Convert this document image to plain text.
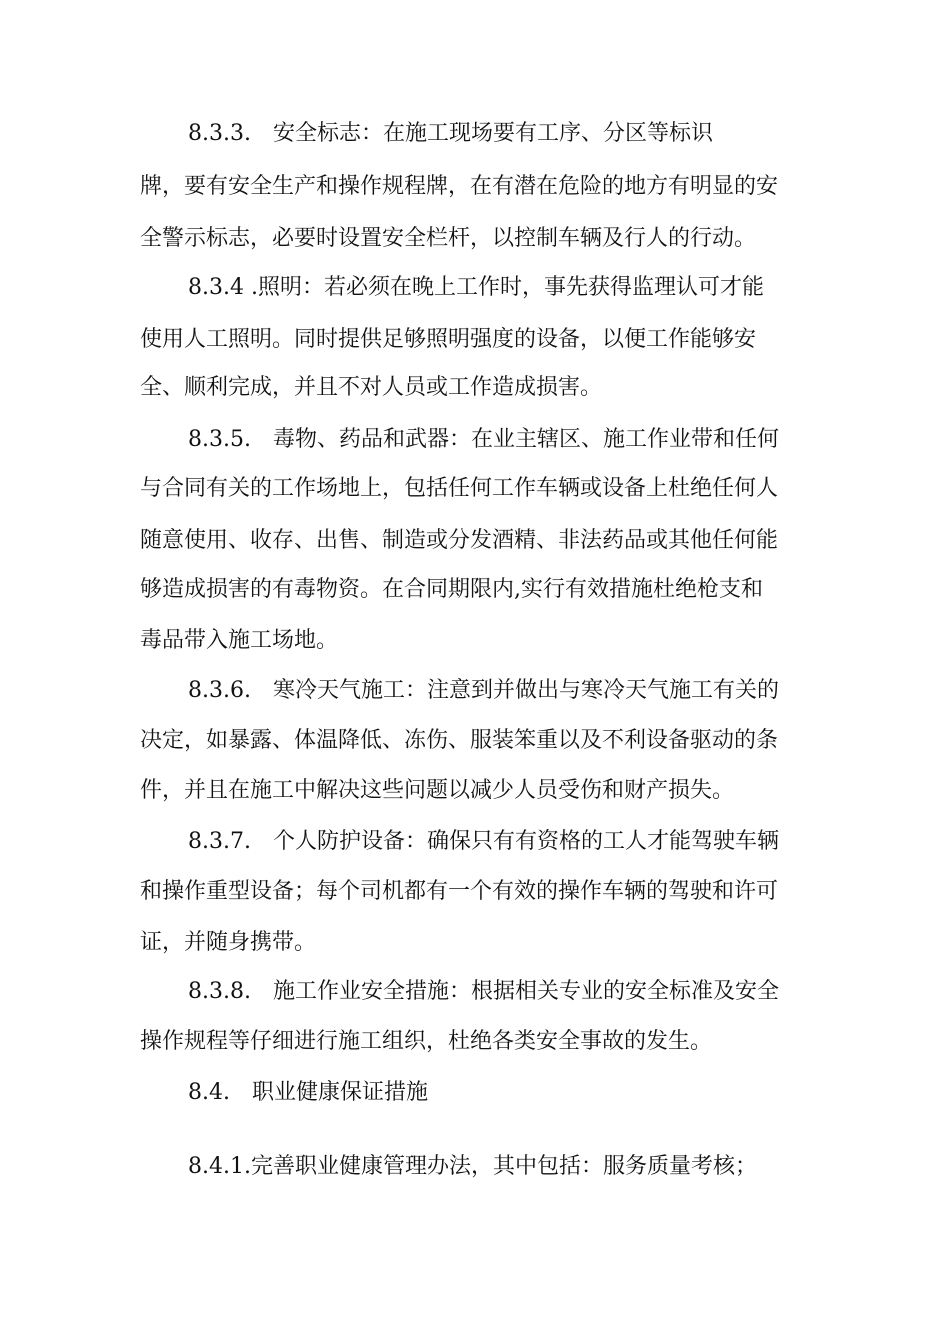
8.3.3.　安全标志：在施工现场要有工序、分区等标识
牌，要有安全生产和操作规程牌，在有潜在危险的地方有明显的安
全警示标志，必要时设置安全栏杆，以控制车辆及行人的行动。
8.3.4 .照明：若必须在晚上工作时，事先获得监理认可才能
使用人工照明。同时提供足够照明强度的设备，以便工作能够安
全、顺利完成，并且不对人员或工作造成损害。
8.3.5.　毒物、药品和武器：在业主辖区、施工作业带和任何
与合同有关的工作场地上，包括任何工作车辆或设备上杜绝任何人
随意使用、收存、出售、制造或分发酒精、非法药品或其他任何能
够造成损害的有毒物资。在合同期限内,实行有效措施杜绝枪支和
毒品带入施工场地。
8.3.6.　寒冷天气施工：注意到并做出与寒冷天气施工有关的
决定，如暴露、体温降低、冻伤、服装笨重以及不利设备驱动的条
件，并且在施工中解决这些问题以减少人员受伤和财产损失。
8.3.7.　个人防护设备：确保只有有资格的工人才能驾驶车辆
和操作重型设备；每个司机都有一个有效的操作车辆的驾驶和许可
证，并随身携带。
8.3.8.　施工作业安全措施：根据相关专业的安全标准及安全
操作规程等仔细进行施工组织，杜绝各类安全事故的发生。
8.4.　职业健康保证措施
8.4.1.完善职业健康管理办法，其中包括：服务质量考核；
